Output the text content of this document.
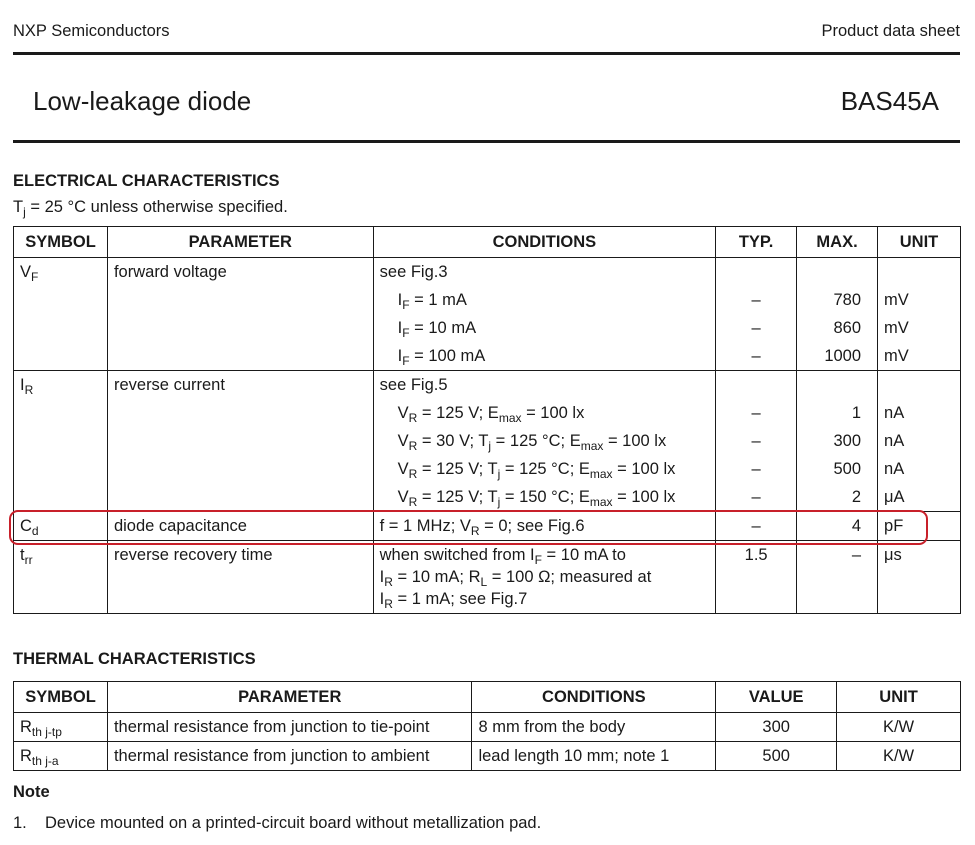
NXP Semiconductors	Product data sheet
Low-leakage diode	BAS45A
ELECTRICAL CHARACTERISTICS
$T_j = 25$ °C unless otherwise specified.
SYMBOL	PARAMETER	CONDITIONS	TYP.	MAX.	UNIT
$V_F$	forward voltage	see Fig.3			
		$I_F = 1$ mA	–	780	mV
		$I_F = 10$ mA	–	860	mV
		$I_F = 100$ mA	–	1000	mV
$I_R$	reverse current	see Fig.5			
		$V_R = 125$ V; $E_{max} = 100$ lx	–	1	nA
		$V_R = 30$ V; $T_j = 125$ °C; $E_{max} = 100$ lx	–	300	nA
		$V_R = 125$ V; $T_j = 125$ °C; $E_{max} = 100$ lx	–	500	nA
		$V_R = 125$ V; $T_j = 150$ °C; $E_{max} = 100$ lx	–	2	μA
$C_d$	diode capacitance	f = 1 MHz; $V_R = 0$; see Fig.6	–	4	pF
$t_{rr}$	reverse recovery time	when switched from $I_F = 10$ mA to
$I_R = 10$ mA; $R_L = 100$ Ω; measured at
$I_R = 1$ mA; see Fig.7	1.5	–	μs
THERMAL CHARACTERISTICS
SYMBOL	PARAMETER	CONDITIONS	VALUE	UNIT
$R_{th j-tp}$	thermal resistance from junction to tie-point	8 mm from the body	300	K/W
$R_{th j-a}$	thermal resistance from junction to ambient	lead length 10 mm; note 1	500	K/W
Note
1. Device mounted on a printed-circuit board without metallization pad.
